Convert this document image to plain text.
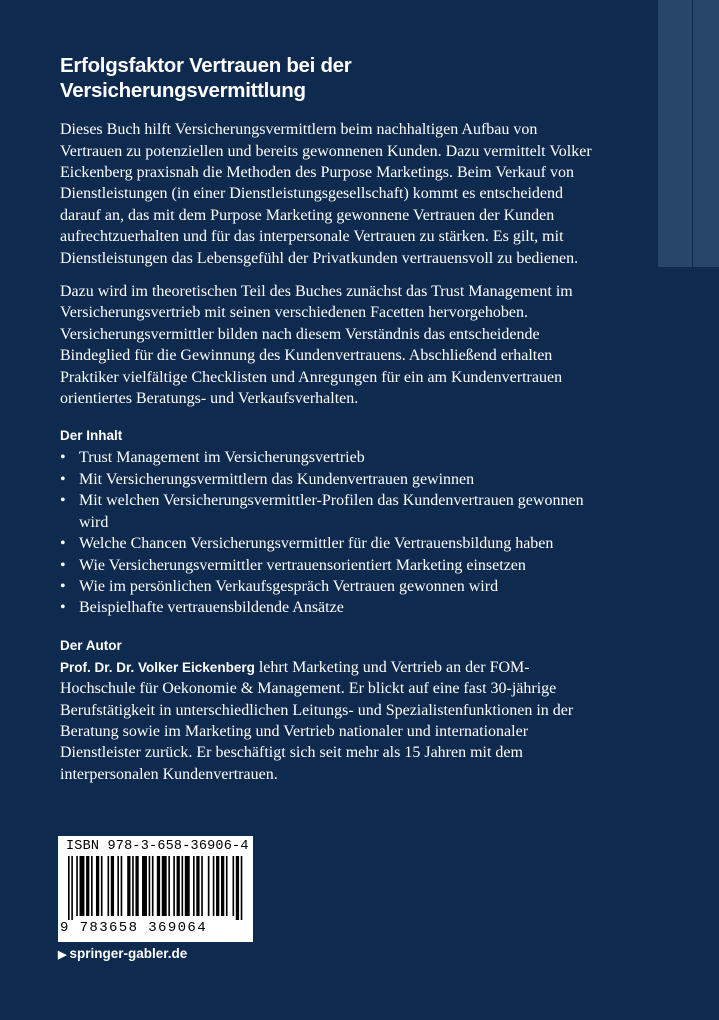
Erfolgsfaktor Vertrauen bei der Versicherungsvermittlung

Dieses Buch hilft Versicherungsvermittlern beim nachhaltigen Aufbau von Vertrauen zu potenziellen und bereits gewonnenen Kunden. Dazu vermittelt Volker Eickenberg praxisnah die Methoden des Purpose Marketings. Beim Verkauf von Dienstleistungen (in einer Dienstleistungsgesellschaft) kommt es entscheidend darauf an, das mit dem Purpose Marketing gewonnene Vertrauen der Kunden aufrechtzuerhalten und für das interpersonale Vertrauen zu stärken. Es gilt, mit Dienstleistungen das Lebensgefühl der Privatkunden vertrauensvoll zu bedienen.

Dazu wird im theoretischen Teil des Buches zunächst das Trust Management im Versicherungsvertrieb mit seinen verschiedenen Facetten hervorgehoben. Versicherungsvermittler bilden nach diesem Verständnis das entscheidende Bindeglied für die Gewinnung des Kundenvertrauens. Abschließend erhalten Praktiker vielfältige Checklisten und Anregungen für ein am Kundenvertrauen orientiertes Beratungs- und Verkaufsverhalten.

Der Inhalt
• Trust Management im Versicherungsvertrieb
• Mit Versicherungsvermittlern das Kundenvertrauen gewinnen
• Mit welchen Versicherungsvermittler-Profilen das Kundenvertrauen gewonnen wird
• Welche Chancen Versicherungsvermittler für die Vertrauensbildung haben
• Wie Versicherungsvermittler vertrauensorientiert Marketing einsetzen
• Wie im persönlichen Verkaufsgespräch Vertrauen gewonnen wird
• Beispielhafte vertrauensbildende Ansätze
Der Autor

Prof. Dr. Dr. Volker Eickenberg lehrt Marketing und Vertrieb an der FOM-Hochschule für Oekonomie & Management. Er blickt auf eine fast 30-jährige Berufstätigkeit in unterschiedlichen Leitungs- und Spezialistenfunktionen in der Beratung sowie im Marketing und Vertrieb nationaler und internationaler Dienstleister zurück. Er beschäftigt sich seit mehr als 15 Jahren mit dem interpersonalen Kundenvertrauen.

ISBN 978-3-658-36906-4
9 783658 369064
▶ springer-gabler.de
